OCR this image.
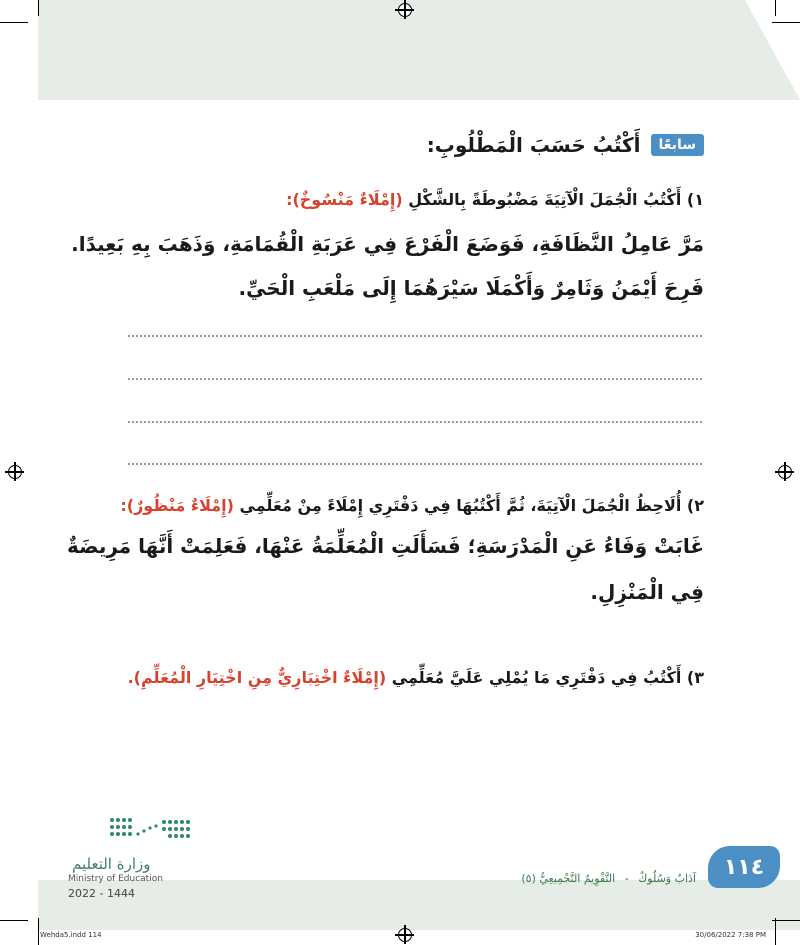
سابعًا
أَكْتُبُ حَسَبَ الْمَطْلُوبِ:
١) أَكْتُبُ الْجُمَلَ الْآتِيَةَ مَضْبُوطَةً بِالشَّكْلِ (إِمْلَاءٌ مَنْسُوخٌ):
مَرَّ عَامِلُ النَّظَافَةِ، فَوَضَعَ الْفَرْعَ فِي عَرَبَةِ الْقُمَامَةِ، وَذَهَبَ بِهِ بَعِيدًا.
فَرِحَ أَيْمَنُ وَثَامِرٌ وَأَكْمَلَا سَيْرَهُمَا إِلَى مَلْعَبِ الْحَيِّ.
٢) أُلَاحِظُ الْجُمَلَ الْآتِيَةَ، ثُمَّ أَكْتُبُهَا فِي دَفْتَرِي إِمْلَاءً مِنْ مُعَلِّمِي (إِمْلَاءٌ مَنْظُورٌ):
غَابَتْ وَفَاءُ عَنِ الْمَدْرَسَةِ؛ فَسَأَلَتِ الْمُعَلِّمَةُ عَنْهَا، فَعَلِمَتْ أَنَّهَا مَرِيضَةٌ
فِي الْمَنْزِلِ.
٣) أَكْتُبُ فِي دَفْتَرِي مَا يُمْلِي عَلَيَّ مُعَلِّمِي (إِمْلَاءٌ اخْتِبَارِيٌّ مِنِ اخْتِيَارِ الْمُعَلِّمِ).
وزارة التعليم
Ministry of Education
2022 - 1444
آدَابٌ وَسُلُوكٌ - التَّقْوِيمُ التَّجْمِيعِيُّ (٥)	١١٤
Wehda5.indd 114	30/06/2022 7:38 PM
